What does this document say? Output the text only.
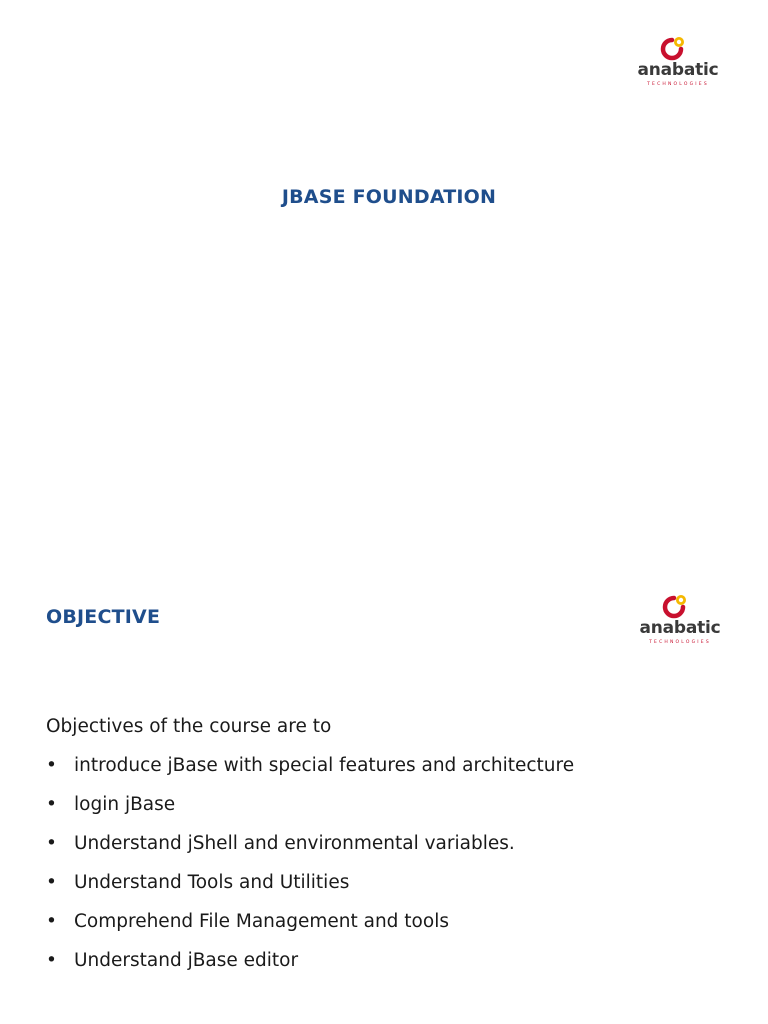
anabatic
TECHNOLOGIES
JBASE FOUNDATION
OBJECTIVE	anabatic
TECHNOLOGIES
Objectives of the course are to
• introduce jBase with special features and architecture
• login jBase
• Understand jShell and environmental variables.
• Understand Tools and Utilities
• Comprehend File Management and tools
• Understand jBase editor
